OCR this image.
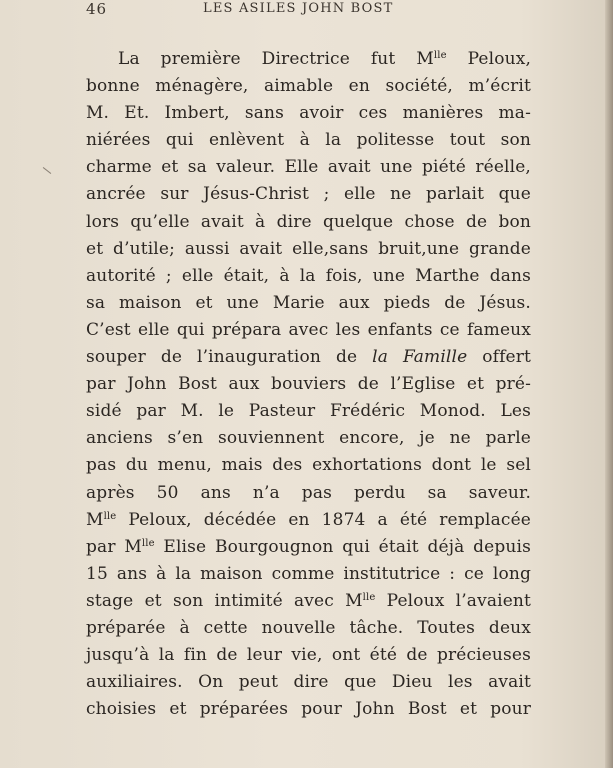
46	LES ASILES JOHN BOST
La première Directrice fut $M^{lle}$ Peloux,
bonne ménagère, aimable en société, m’écrit
M. Et. Imbert, sans avoir ces manières ma-
niérées qui enlèvent à la politesse tout son
charme et sa valeur. Elle avait une piété réelle,
ancrée sur Jésus-Christ ; elle ne parlait que
lors qu’elle avait à dire quelque chose de bon
et d’utile; aussi avait elle,sans bruit,une grande
autorité ; elle était, à la fois, une Marthe dans
sa maison et une Marie aux pieds de Jésus.
C’est elle qui prépara avec les enfants ce fameux
souper de l’inauguration de la Famille offert
par John Bost aux bouviers de l’Eglise et pré-
sidé par M. le Pasteur Frédéric Monod. Les
anciens s’en souviennent encore, je ne parle
pas du menu, mais des exhortations dont le sel
après 50 ans n’a pas perdu sa saveur.
$M^{lle}$ Peloux, décédée en 1874 a été remplacée
par $M^{lle}$ Elise Bourgougnon qui était déjà depuis
15 ans à la maison comme institutrice : ce long
stage et son intimité avec $M^{lle}$ Peloux l’avaient
préparée à cette nouvelle tâche. Toutes deux
jusqu’à la fin de leur vie, ont été de précieuses
auxiliaires. On peut dire que Dieu les avait
choisies et préparées pour John Bost et pour
